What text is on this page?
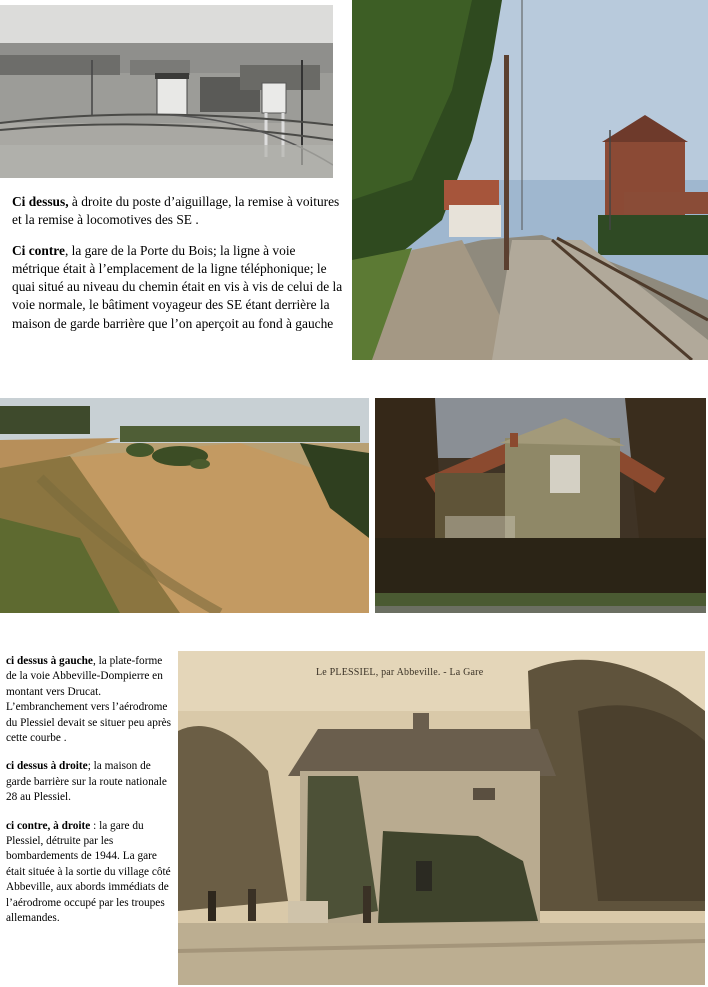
Ci dessus, à droite du poste d’aiguillage, la remise à voitures et la remise à locomotives des SE .

Ci contre, la gare de la Porte du Bois; la ligne à voie métrique était à l’emplacement de la ligne téléphonique; le quai situé au niveau du chemin était en vis à vis de celui de la voie normale, le bâtiment voyageur des SE étant derrière la maison de garde barrière que l’on aperçoit au fond à gauche

ci dessus à gauche, la plate-forme de la voie Abbeville-Dompierre en montant vers Drucat. L’embranchement vers l’aérodrome du Plessiel devait se situer peu après cette courbe .

ci dessus à droite; la maison de garde barrière sur la route nationale 28 au Plessiel.

ci contre, à droite : la gare du Plessiel, détruite par les bombardements de 1944. La gare était située à la sortie du village côté Abbeville, aux abords immédiats de l’aérodrome occupé par les troupes allemandes.

Le PLESSIEL, par Abbeville. - La Gare
